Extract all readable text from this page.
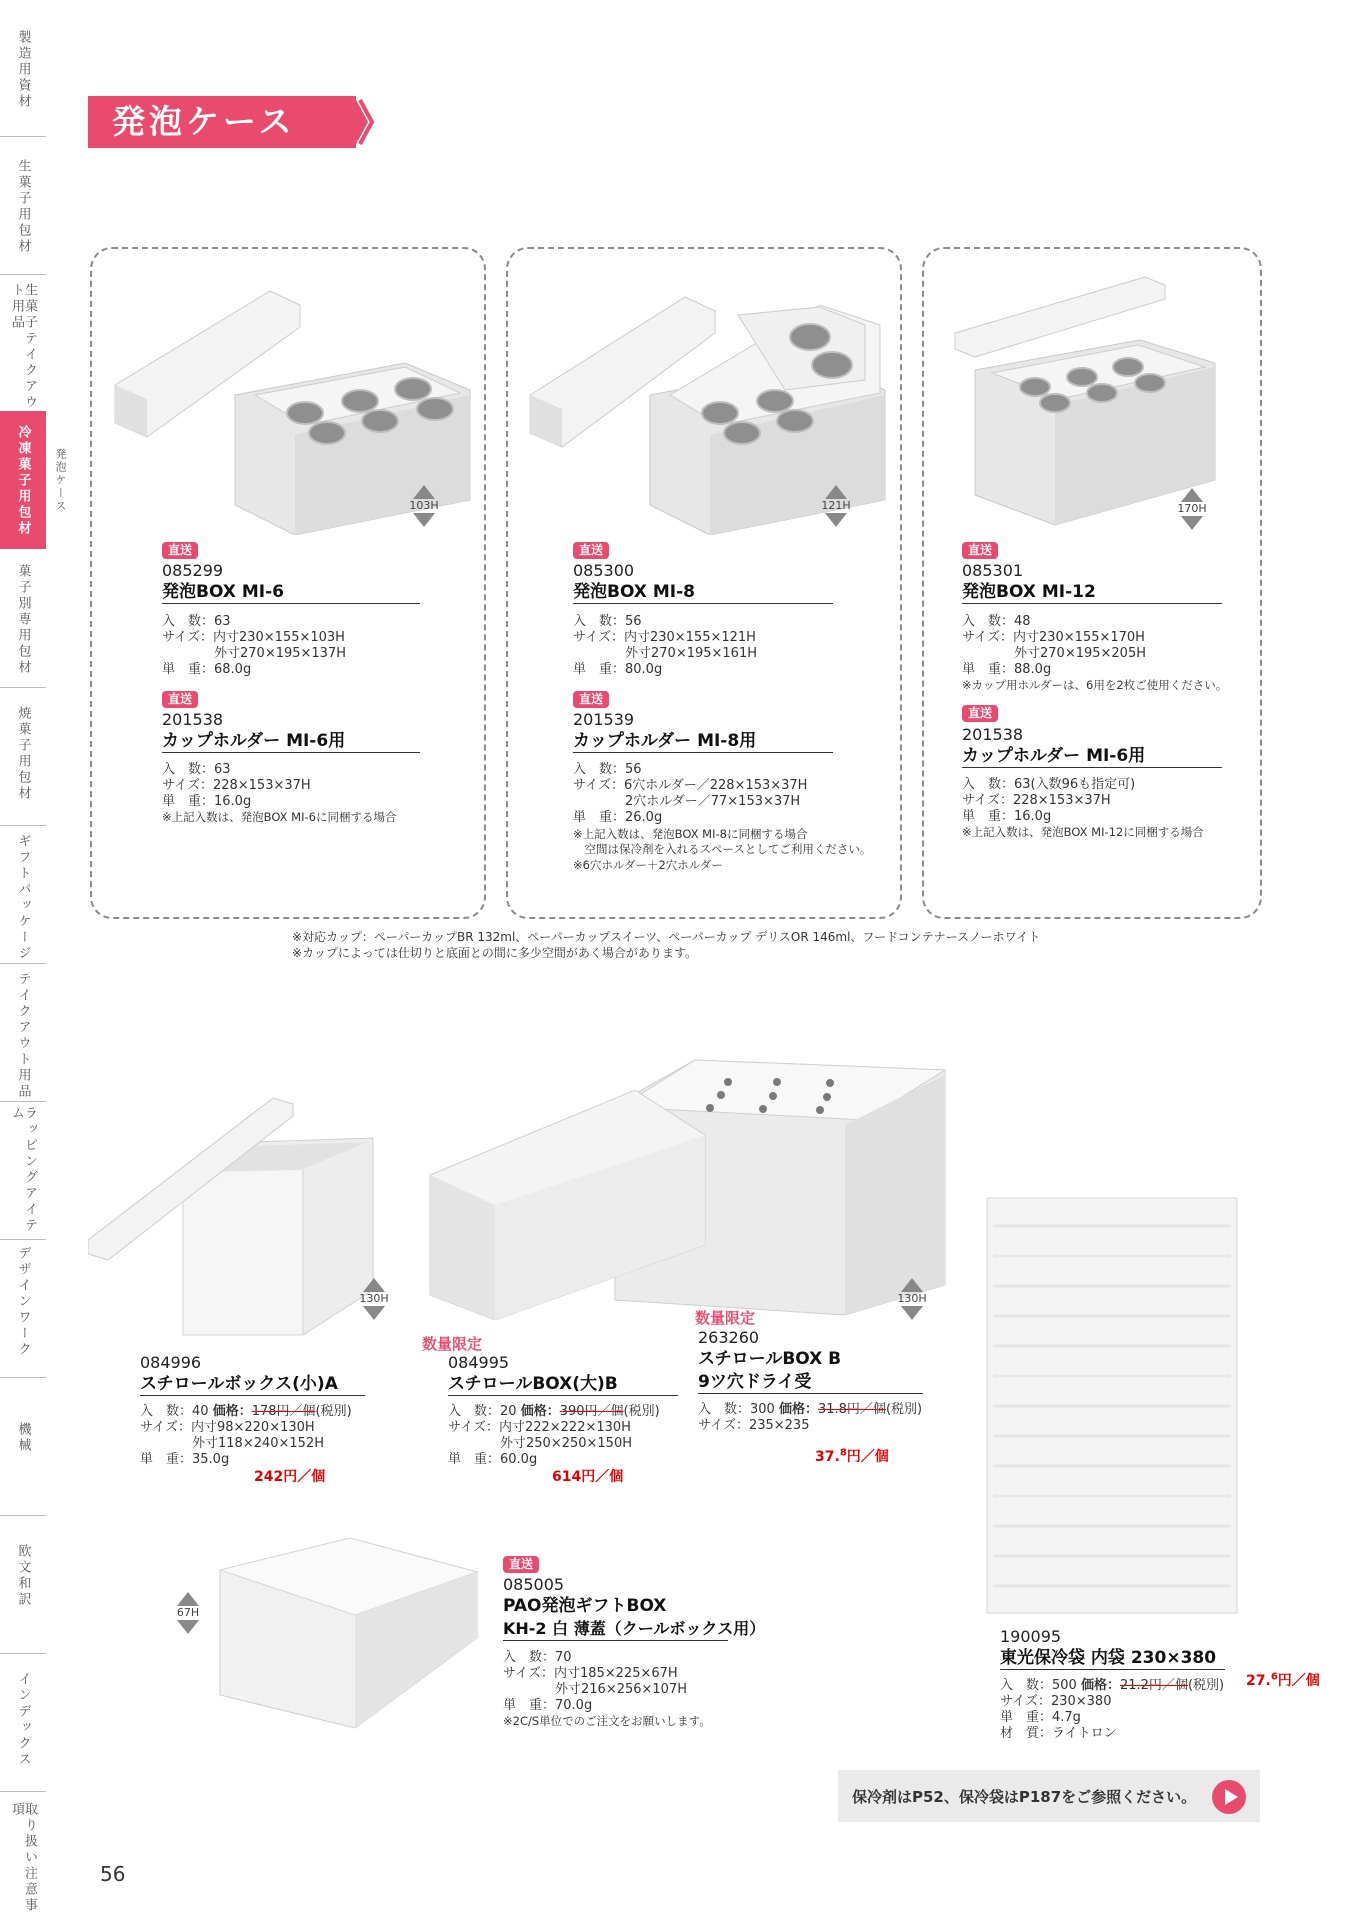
製造用資材
生菓子用包材
生菓子テイクアウト用品
冷凍菓子用包材
菓子別専用包材
焼菓子用包材
ギフトパッケージ
テイクアウト用品
ラッピングアイテム
デザインワーク
機械
欧文和訳
インデックス
取り扱い注意事項
発泡ケース
発泡ケース
103H
直送
085299
発泡BOX MI-6
入　数：63
サイズ：内寸230×155×103H
　　　　外寸270×195×137H
単　重：68.0g
直送
201538
カップホルダー MI-6用
入　数：63
サイズ：228×153×37H
単　重：16.0g
※上記入数は、発泡BOX MI-6に同梱する場合
121H
直送
085300
発泡BOX MI-8
入　数：56
サイズ：内寸230×155×121H
　　　　外寸270×195×161H
単　重：80.0g
直送
201539
カップホルダー MI-8用
入　数：56
サイズ：6穴ホルダー／228×153×37H
　　　　2穴ホルダー／77×153×37H
単　重：26.0g
※上記入数は、発泡BOX MI-8に同梱する場合
　空間は保冷剤を入れるスペースとしてご利用ください。
※6穴ホルダー＋2穴ホルダー
170H
直送
085301
発泡BOX MI-12
入　数：48
サイズ：内寸230×155×170H
　　　　外寸270×195×205H
単　重：88.0g
※カップ用ホルダーは、6用を2枚ご使用ください。
直送
201538
カップホルダー MI-6用
入　数：63(入数96も指定可)
サイズ：228×153×37H
単　重：16.0g
※上記入数は、発泡BOX MI-12に同梱する場合
※対応カップ：ペーパーカップBR 132ml、ペーパーカップスイーツ、ペーパーカップ デリスOR 146ml、フードコンテナースノーホワイト
※カップによっては仕切りと底面との間に多少空間があく場合があります。
130H
084996
スチロールボックス(小)A
入　数：40 価格：178円／個(税別)
サイズ：内寸98×220×130H
　　　　外寸118×240×152H
単　重：35.0g
242円／個
130H
数量限定
084995
スチロールBOX(大)B
入　数：20 価格：390円／個(税別)
サイズ：内寸222×222×130H
　　　　外寸250×250×150H
単　重：60.0g
614円／個
数量限定
263260
スチロールBOX B
9ツ穴ドライ受
入　数：300 価格：31.8円／個(税別)
サイズ：235×235
37.$^8$円／個
67H
直送
085005
PAO発泡ギフトBOX
KH-2 白 薄蓋（クールボックス用）
入　数：70
サイズ：内寸185×225×67H
　　　　外寸216×256×107H
単　重：70.0g
※2C/S単位でのご注文をお願いします。
190095
東光保冷袋 内袋 230×380
入　数：500 価格：21.2円／個(税別)
サイズ：230×380
単　重：4.7g
材　質：ライトロン
27.$^6$円／個
保冷剤はP52、保冷袋はP187をご参照ください。
56
